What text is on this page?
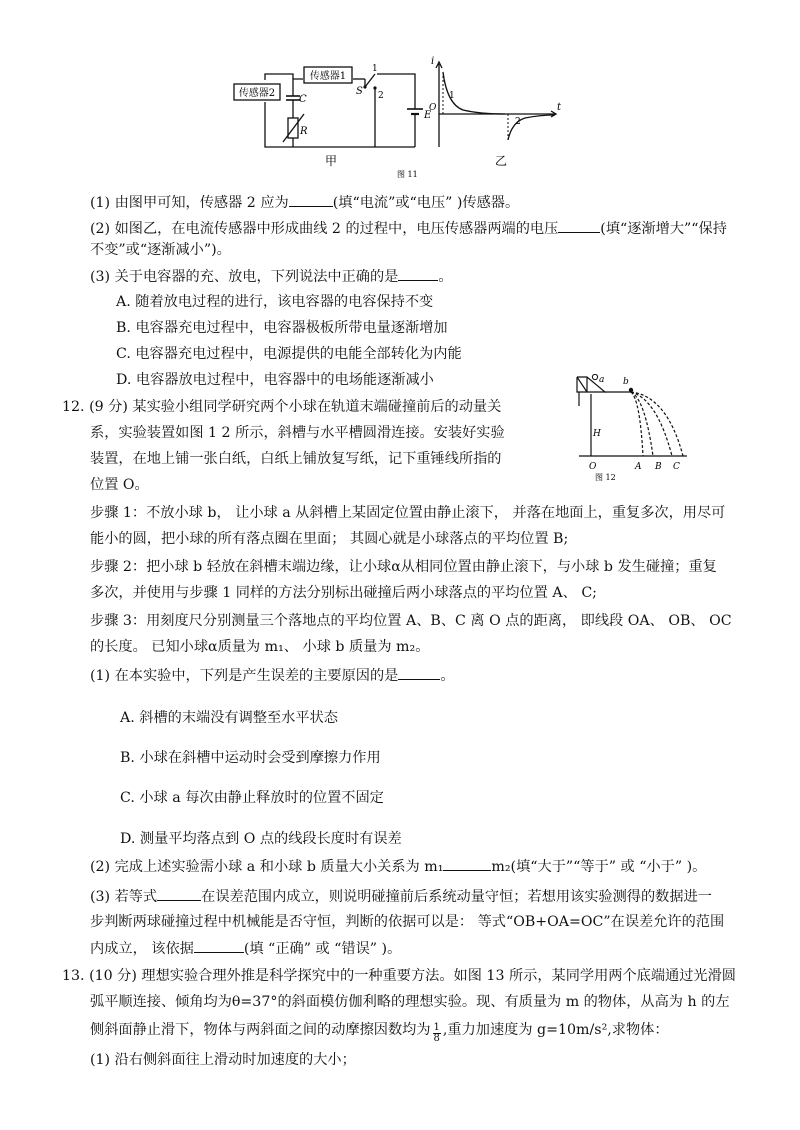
传感器1
传感器2	S
1
2
C
R
E
i
t
O
1
2
甲	乙
图 11
a b
H
O	A B C
图 12
(1) 由图甲可知，传感器 2 应为	(填“电流”或“电压” )传感器。
(2) 如图乙，在电流传感器中形成曲线 2 的过程中，电压传感器两端的电压	(填“逐渐增大”“保持
不变”或“逐渐减小”)。
(3) 关于电容器的充、放电，下列说法中正确的是	。
A. 随着放电过程的进行，该电容器的电容保持不变
B. 电容器充电过程中，电容器极板所带电量逐渐增加
C. 电容器充电过程中，电源提供的电能全部转化为内能
D. 电容器放电过程中，电容器中的电场能逐渐减小
12. (9 分) 某实验小组同学研究两个小球在轨道末端碰撞前后的动量关
系，实验装置如图 1 2 所示，斜槽与水平槽圆滑连接。安装好实验
装置，在地上铺一张白纸，白纸上铺放复写纸，记下重锤线所指的
位置 O。
步骤 1：不放小球 b， 让小球 a 从斜槽上某固定位置由静止滚下， 并落在地面上，重复多次，用尽可
能小的圆，把小球的所有落点圈在里面； 其圆心就是小球落点的平均位置 B;
步骤 2：把小球 b 轻放在斜槽末端边缘，让小球α从相同位置由静止滚下，与小球 b 发生碰撞；重复
多次，并使用与步骤 1 同样的方法分别标出碰撞后两小球落点的平均位置 A、 C;
步骤 3：用刻度尺分别测量三个落地点的平均位置 A、B、C 离 O 点的距离， 即线段 OA、 OB、 OC
的长度。 已知小球α质量为 m₁、 小球 b 质量为 m₂。
(1) 在本实验中，下列是产生误差的主要原因的是	。
A. 斜槽的末端没有调整至水平状态
B. 小球在斜槽中运动时会受到摩擦力作用
C. 小球 a 每次由静止释放时的位置不固定
D. 测量平均落点到 O 点的线段长度时有误差
(2) 完成上述实验需小球 a 和小球 b 质量大小关系为 m₁	m₂(填“大于”“等于” 或 “小于” )。
(3) 若等式	在误差范围内成立，则说明碰撞前后系统动量守恒；若想用该实验测得的数据进一
步判断两球碰撞过程中机械能是否守恒，判断的依据可以是： 等式“OB+OA=OC”在误差允许的范围
内成立， 该依据	(填 “正确” 或 “错误” )。
13. (10 分) 理想实验合理外推是科学探究中的一种重要方法。如图 13 所示，某同学用两个底端通过光滑圆
弧平顺连接、倾角均为θ=37°的斜面模仿伽利略的理想实验。现、有质量为 m 的物体，从高为 h 的左
侧斜面静止滑下，物体与两斜面之间的动摩擦因数均为 $\frac{1}{8}$ ,重力加速度为 g=10m/s²,求物体：
(1) 沿右侧斜面往上滑动时加速度的大小；
